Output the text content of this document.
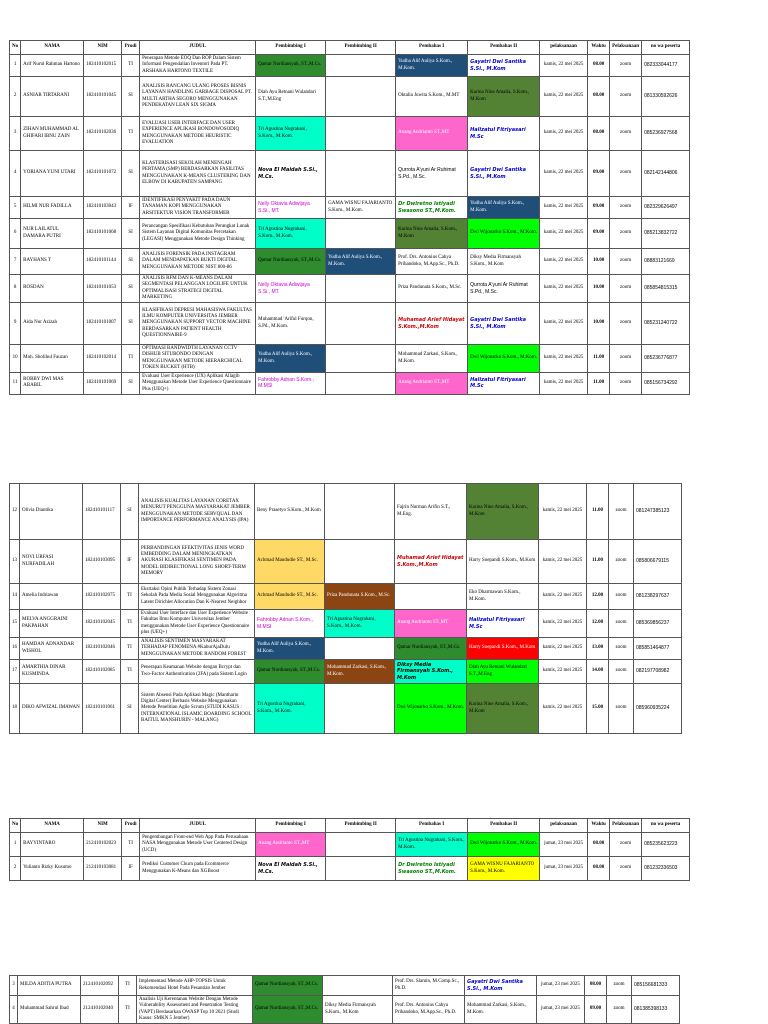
No	NAMA	NIM	Prodi	JUDUL	Pembimbing I	Pembimbing II	Pembahas I	Pembahas II	pelaksanaan	Waktu	Pelaksanaan	no wa peserta
1	Arif Nurul Rahman Hartono	182410102015	TI	Penerapan Metode EOQ Dan ROP Dalam Sistem Informasi Pengendalian Inventori Pada PT. ARSHAKA HARTONO TEXTILE	Qamar Nurdiansyah, ST.,M.Cs.		Yudha Alif Auliya S.Kom., M.Kom.	Gayatri Dwi Santika S.Si., M.Kom	kamis, 22 mei 2025	08.00	zoom	082333044177
2	ASNIAR TIRTARANI	182410101045	SI	ANALISIS RANCANG ULANG PROSES BISNIS LAYANAN HANDLING GARBAGE DISPOSAL PT. MULTI ARTHA SEGORO MENGGUNAKAN PENDEKATAN LEAN SIX SIGMA	Diah Ayu Retnani Wulandari S.T.,M.Eng		Oktalia Juwita S.Kom., M.MT	Karina Nine Amalia, S.Kom., M.Kom	kamis, 22 mei 2025	08.00	zoom	081330592626
3	ZIHAN MUHAMMAD AL GHIFARI IBNU ZAIN	182410102036	TI	EVALUASI USER INTERFACE DAN USER EXPERIENCE APLIKASI BONDOWOSODIQ MENGGUNAKAN METODE HEURISTIC EVALUATION	Tri Agustina Nugrahani, S.Kom., M.Kom.		Anang Andrianto ST.,MT	Halizatul Fitriyasari M.Sc	kamis, 22 mei 2025	08.00	zoom	085236927568
4	YORIANA YUNI UTARI	182410101072	SI	KLASTERISASI SEKOLAH MENENGAH PERTAMA (SMP) BERDASARKAN FASILITAS MENGGUNAKAN K-MEANS CLUSTERING DAN ELBOW DI KABUPATEN SAMPANG	Nova El Maidah S.Si., M.Cs.		Qurrota A'yuni Ar Ruhimat S.Pd., M.Sc.	Gayatri Dwi Santika S.Si., M.Kom	kamis, 22 mei 2025	09.00	zoom	082142144806
5	HILMI NUR FADILLA	182410103043	IF	IDENTIFIKASI PENYAKIT PADA DAUN TANAMAN KOPI MENGGUNAKAN ARSITEKTUR VISION TRANSFORMER	Nelly Oktavia Adiwijaya S.Si., MT.	GAMA WISNU FAJARIANTO S.Kom., M.Kom.	Dr Dwiretno Istiyadi Swasono ST.,M.Kom.	Yudha Alif Auliya S.Kom., M.Kom.	kamis, 22 mei 2025	09.00	zoom	082329626497
6	NUR LAILATUL DAMARA PUTRI	182410101068	SI	Perancangan Spesifikasi Kebutuhan Perangkat Lunak Sistem Layanan Digital Komunitas Percetakan (LEGASI) Menggunakan Metode Design Thinking	Tri Agustina Nugrahani, S.Kom., M.Kom.		Karina Nine Amalia, S.Kom., M.Kom	Dwi Wijonarko S.Kom., M.Kom.	kamis, 22 mei 2025	09.00	zoom	085213832722
7	RAYHANS T	182410101144	SI	ANALISIS FORENSIK PADA INSTAGRAM DALAM MENDAPATKAN BUKTI DIGITAL MENGGUNAKAN METODE NIST 800-86	Qamar Nurdiansyah, ST.,M.Cs.	Yudha Alif Auliya S.Kom., M.Kom.	Prof. Drs. Antonius Cahya Prihandoko, M.App.Sc., Ph.D.	Diksy Media Firmansyah S.Kom., M.Kom	kamis, 22 mei 2025	10.00	zoom	08883121669
8	ROSDAN	182410101053	SI	ANALISIS RFM DAN K-MEANS DALAM SEGMENTASI PELANGGAN LOGILIFE UNTUK OPTIMALISASI STRATEGI DIGITAL MARKETING	Nelly Oktavia Adiwijaya S.Si., MT.		Priza Pandunata S.Kom., M.Sc.	Qurrota A'yuni Ar Ruhimat S.Pd., M.Sc.	kamis, 22 mei 2025	10.00	zoom	085854815315
9	Aida Nur Azizah	182410101007	SI	KLASIFIKASI DEPRESI MAHASISWA FAKULTAS ILMU KOMPUTER UNIVERSITAS JEMBER MENGGUNAKAN SUPPORT VECTOR MACHINE BERDASARKAN PATIENT HEALTH QUESTIONNAIRE-9	Muhammad 'Ariful Furqon, S.Pd., M.Kom.		Muhamad Arief Hidayat S.Kom.,M.Kom	Gayatri Dwi Santika S.Si., M.Kom	kamis, 22 mei 2025	10.00	zoom	085231240722
10	Moh. Sholihul Fauzan	182410102014	TI	OPTIMASI BANDWIDTH LAYANAN CCTV DISHUB SITUBONDO DENGAN MENGGUNAKAN METODE HIERARCHICAL TOKEN BUCKET (HTB)	Yudha Alif Auliya S.Kom., M.Kom.		Mohammad Zarkasi, S.Kom., M.Kom.	Dwi Wijonarko S.Kom., M.Kom.	kamis, 22 mei 2025	11.00	zoom	085236776877
11	ROBBY DWI MAS ABABIL	182410101069	SI	Evaluasi User Experience (UX) Aplikasi Allagib Menggunakan Metode User Experience Questionnaire Plus (UEQ+)	Fahrobby Adnan S.Kom., M.MSI		Anang Andrianto ST.,MT	Halizatul Fitriyasari M.Sc	kamis, 22 mei 2025	11.00	zoom	085156734292
12	Olivia Diantika	182410101117	SI	ANALISIS KUALITAS LAYANAN CORETAX MENURUT PENGGUNA MASYARAKAT JEMBER MENGGUNAKAN METODE SERVQUAL DAN IMPORTANCE PERFORMANCE ANALYSIS (IPA)	Beny Prasetyo S.Kom., M.Kom		Fajrin Nurman Arifin S.T., M.Eng.	Karina Nine Amalia, S.Kom., M.Kom	kamis, 22 mei 2025	11.00	zoom	081247385123
13	NOVI URFASI NURFADILAH	182410103095	IF	PERBANDINGAN EFEKTIVITAS JENIS WORD EMBEDDING DALAM MENINGKATKAN AKURASI KLASIFIKASI SENTIMEN PADA MODEL BIDIRECTIONAL LONG SHORT-TERM MEMORY	Achmad Maududie ST., M.Sc.		Muhamad Arief Hidayat S.Kom.,M.Kom	Harry Soepandi S.Kom., M.Kom	kamis, 22 mei 2025	11.00	zoom	085806679115
14	Amelia Indriawan	182410102075	TI	Eksrtaksi Opini Publik Terhadap Sistem Zonasi Sekolah Pada Media Sosial Menggunakan Algoritma Latent Dirichlet Allocation Dan K-Nearest Neighbor	Achmad Maududie ST., M.Sc.	Priza Pandunata S.Kom., M.Sc.		Eko Dharmawan S.Kom., M.Kom.	kamis, 22 mei 2025	12.00	zoom	081238297637
15	MELVA ANGGRAINI PAKPAHAN	182410102045	TI	Evaluasi User Interface dan User Experience Website Fakultas Ilmu Komputer Universitas Jember menggunakan Metode User Experience Questionnaire plus (UEQ+)	Fahrobby Adnan S.Kom., M.MSI	Tri Agustina Nugrahani, S.Kom., M.Kom.	Anang Andrianto ST.,MT	Halizatul Fitriyasari M.Sc	kamis, 22 mei 2025	12.00	zoom	085369856237
16	HAMDAN ADNANDAR WISHOL	182410102046	TI	ANALISIS SENTIMEN MASYARAKAT TERHADAP FENOMENA #KaburAjaDulu MENGGUNAKAN METODE RANDOM FOREST	Yudha Alif Auliya S.Kom., M.Kom.		Qamar Nurdiansyah, ST.,M.Cs.	Harry Soepandi S.Kom., M.Kom	kamis, 22 mei 2025	13.00	zoom	085851464877
17	AMARTHIA DINAR KUSMINDA	182410102085	TI	Penerapan Keamanan Website dengan Bcrypt dan Two-Factor Authentication (2FA) pada Sistem Login	Qamar Nurdiansyah, ST.,M.Cs.	Mohammad Zarkasi, S.Kom., M.Kom.	Diksy Media Firmansyah S.Kom., M.Kom	Diah Ayu Retnani Wulandari S.T.,M.Eng	kamis, 22 mei 2025	14.00	zoom	082197708982
18	DIKO AFWIZAL IMAWAN	182410101061	SI	Sistem Absensi Pada Aplikasi Magic (Mantharin Digital Center) Berbasis Website Menggunakan Metode Penelitian Agile Scrum (STUDI KASUS : INTERNATIONAL ISLAMIC BOARDING SCHOOL BAITUL MANSHURIN - MALANG)	Tri Agustina Nugrahani, S.Kom., M.Kom.		Dwi Wijonarko S.Kom., M.Kom.	Karina Nine Amalia, S.Kom., M.Kom	kamis, 22 mei 2025	15.00	zoom	085960935224
No	NAMA	NIM	Prodi	JUDUL	Pembimbing I	Pembimbing II	Pembahas I	Pembahas II	pelaksanaan	Waktu	Pelaksanaan	no wa peserta
1	BAYYINTARO	212410102023	TI	Pengembangan Front-end Web App Pada Perusahaan NASA Menggunakan Metode User Centered Design (UCD)	Anang Andrianto ST.,MT		Tri Agustina Nugrahani, S.Kom., M.Kom.	Dwi Wijonarko S.Kom., M.Kom.	jumat, 23 mei 2025	08.00	zoom	085235623223
2	Yulianto Rizky Kusumo	212410103081	IF	Prediksi Customer Churn pada Ecommerce Menggunakan K-Means dan XGBoost	Nova El Maidah S.Si., M.Cs.		Dr Dwiretno Istiyadi Swasono ST.,M.Kom.	GAMA WISNU FAJARIANTO S.Kom., M.Kom.	jumat, 23 mei 2025	08.00	zoom	081232336503
3	MILDA ADITIA PUTRA	212410102092	TI	Implementasi Metode AHP-TOPSIS Untuk Rekomendasi Hotel Pada Pesantian Jember	Qamar Nurdiansyah, ST.,M.Cs.		Prof. Drs. Slamin, M.Comp.Sc., Ph.D.	Gayatri Dwi Santika S.Si., M.Kom	jumat, 23 mei 2025	08.00	zoom	085156681333
4	Muhammad Sahrul Ibad	212410102040	TI	Analisis Uji Kerentanan Website Dengan Metode Vulnerability Assessment and Penetration Testing (VAPT) Berdasarkan OWASP Top 10 2021 (Studi Kasus: SMKN 5 Jember)	Qamar Nurdiansyah, ST.,M.Cs.	Diksy Media Firmansyah S.Kom., M.Kom	Prof. Drs. Antonius Cahya Prihandoko, M.App.Sc., Ph.D.	Mohammad Zarkasi, S.Kom., M.Kom.	jumat, 23 mei 2025	09.00	zoom	081385398133
